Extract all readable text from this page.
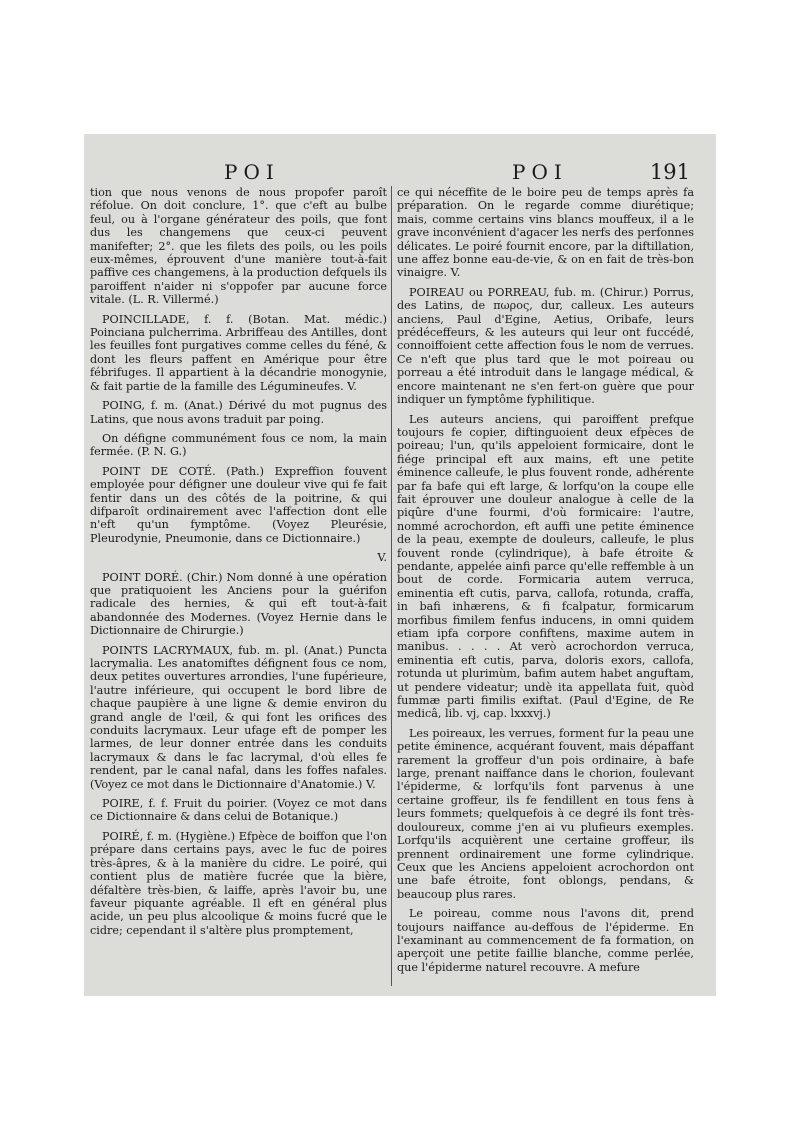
POI	POI	191

tion que nous venons de nous propofer paroît réfolue. On doit conclure, 1°. que c'eft au bulbe feul, ou à l'organe générateur des poils, que font dus les changemens que ceux-ci peuvent manifefter; 2°. que les filets des poils, ou les poils eux-mêmes, éprouvent d'une manière tout-à-fait paffive ces changemens, à la production defquels ils paroiffent n'aider ni s'oppofer par aucune force vitale. (L. R. Villermé.)

POINCILLADE, f. f. (Botan. Mat. médic.) Poinciana pulcherrima. Arbriffeau des Antilles, dont les feuilles font purgatives comme celles du féné, & dont les fleurs paffent en Amérique pour être fébrifuges. Il appartient à la décandrie monogynie, & fait partie de la famille des Légumineufes. V.

POING, f. m. (Anat.) Dérivé du mot pugnus des Latins, que nous avons traduit par poing.

On défigne communément fous ce nom, la main fermée. (P. N. G.)

POINT DE COTÉ. (Path.) Expreffion fouvent employée pour défigner une douleur vive qui fe fait fentir dans un des côtés de la poitrine, & qui difparoît ordinairement avec l'affection dont elle n'eft qu'un fymptôme. (Voyez Pleurésie, Pleurodynie, Pneumonie, dans ce Dictionnaire.)

V.

POINT DORÉ. (Chir.) Nom donné à une opération que pratiquoient les Anciens pour la guérifon radicale des hernies, & qui eft tout-à-fait abandonnée des Modernes. (Voyez Hernie dans le Dictionnaire de Chirurgie.)

POINTS LACRYMAUX, fub. m. pl. (Anat.) Puncta lacrymalia. Les anatomiftes défignent fous ce nom, deux petites ouvertures arrondies, l'une fupérieure, l'autre inférieure, qui occupent le bord libre de chaque paupière à une ligne & demie environ du grand angle de l'œil, & qui font les orifices des conduits lacrymaux. Leur ufage eft de pomper les larmes, de leur donner entrée dans les conduits lacrymaux & dans le fac lacrymal, d'où elles fe rendent, par le canal nafal, dans les foffes nafales. (Voyez ce mot dans le Dictionnaire d'Anatomie.) V.

POIRE, f. f. Fruit du poirier. (Voyez ce mot dans ce Dictionnaire & dans celui de Botanique.)

POIRÉ, f. m. (Hygiène.) Efpèce de boiffon que l'on prépare dans certains pays, avec le fuc de poires très-âpres, & à la manière du cidre. Le poiré, qui contient plus de matière fucrée que la bière, défaltère très-bien, & laiffe, après l'avoir bu, une faveur piquante agréable. Il eft en général plus acide, un peu plus alcoolique & moins fucré que le cidre; cependant il s'altère plus promptement,

ce qui néceffite de le boire peu de temps après fa préparation. On le regarde comme diurétique; mais, comme certains vins blancs mouffeux, il a le grave inconvénient d'agacer les nerfs des perfonnes délicates. Le poiré fournit encore, par la diftillation, une affez bonne eau-de-vie, & on en fait de très-bon vinaigre. V.

POIREAU ou PORREAU, fub. m. (Chirur.) Porrus, des Latins, de πωρος, dur, calleux. Les auteurs anciens, Paul d'Egine, Aetius, Oribafe, leurs prédéceffeurs, & les auteurs qui leur ont fuccédé, connoiffoient cette affection fous le nom de verrues. Ce n'eft que plus tard que le mot poireau ou porreau a été introduit dans le langage médical, & encore maintenant ne s'en fert-on guère que pour indiquer un fymptôme fyphilitique.

Les auteurs anciens, qui paroiffent prefque toujours fe copier, diftinguoient deux efpèces de poireau; l'un, qu'ils appeloient formicaire, dont le fiége principal eft aux mains, eft une petite éminence calleufe, le plus fouvent ronde, adhérente par fa bafe qui eft large, & lorfqu'on la coupe elle fait éprouver une douleur analogue à celle de la piqûre d'une fourmi, d'où formicaire: l'autre, nommé acrochordon, eft auffi une petite éminence de la peau, exempte de douleurs, calleufe, le plus fouvent ronde (cylindrique), à bafe étroite & pendante, appelée ainfi parce qu'elle reffemble à un bout de corde. Formicaria autem verruca, eminentia eft cutis, parva, callofa, rotunda, craffa, in bafi inhærens, & fi fcalpatur, formicarum morfibus fimilem fenfus inducens, in omni quidem etiam ipfa corpore confiftens, maxime autem in manibus. . . . . At verò acrochordon verruca, eminentia eft cutis, parva, doloris exors, callofa, rotunda ut plurimùm, bafim autem habet anguftam, ut pendere videatur; undè ita appellata fuit, quòd fummæ parti fimilis exiftat. (Paul d'Egine, de Re medicâ, lib. vj, cap. lxxxvj.)

Les poireaux, les verrues, forment fur la peau une petite éminence, acquérant fouvent, mais dépaffant rarement la groffeur d'un pois ordinaire, à bafe large, prenant naiffance dans le chorion, foulevant l'épiderme, & lorfqu'ils font parvenus à une certaine groffeur, ils fe fendillent en tous fens à leurs fommets; quelquefois à ce degré ils font très-douloureux, comme j'en ai vu plufieurs exemples. Lorfqu'ils acquièrent une certaine groffeur, ils prennent ordinairement une forme cylindrique. Ceux que les Anciens appeloient acrochordon ont une bafe étroite, font oblongs, pendans, & beaucoup plus rares.

Le poireau, comme nous l'avons dit, prend toujours naiffance au-deffous de l'épiderme. En l'examinant au commencement de fa formation, on aperçoit une petite faillie blanche, comme perlée, que l'épiderme naturel recouvre. A mefure
